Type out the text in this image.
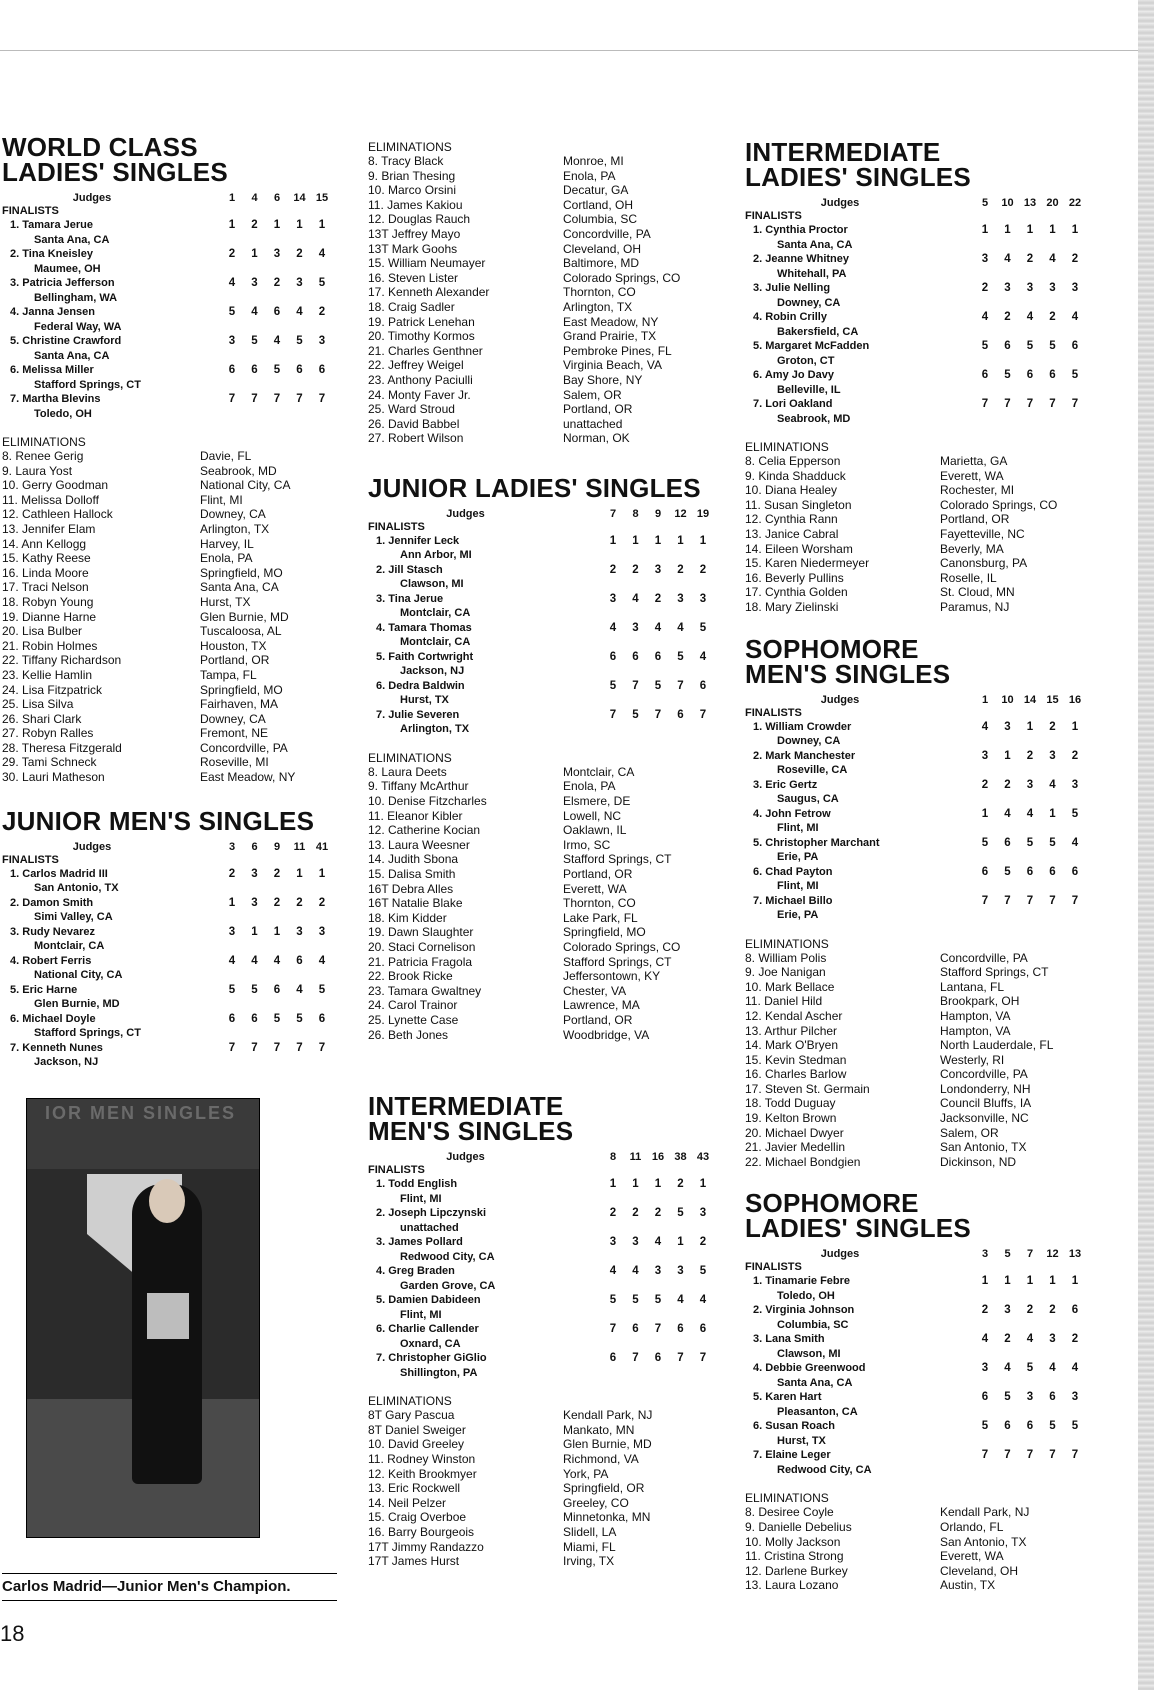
WORLD CLASS
LADIES' SINGLES
Judges	1	4	6	14 15
FINALISTS
1. Tamara Jerue
Santa Ana, CA
1	2	1	1	1
2. Tina Kneisley
Maumee, OH
2	1	3	2	4
3. Patricia Jefferson
Bellingham, WA
4	3	2	3	5
4. Janna Jensen
Federal Way, WA
5	4	6	4	2
5. Christine Crawford
Santa Ana, CA
3	5	4	5	3
6. Melissa Miller
Stafford Springs, CT
6	6	5	6	6
7. Martha Blevins
Toledo, OH
7	7	7	7	7
ELIMINATIONS
8. Renee Gerig	Davie, FL
9. Laura Yost	Seabrook, MD
10. Gerry Goodman	National City, CA
11. Melissa Dolloff	Flint, MI
12. Cathleen Hallock	Downey, CA
13. Jennifer Elam	Arlington, TX
14. Ann Kellogg	Harvey, IL
15. Kathy Reese	Enola, PA
16. Linda Moore	Springfield, MO
17. Traci Nelson	Santa Ana, CA
18. Robyn Young	Hurst, TX
19. Dianne Harne	Glen Burnie, MD
20. Lisa Bulber	Tuscaloosa, AL
21. Robin Holmes	Houston, TX
22. Tiffany Richardson	Portland, OR
23. Kellie Hamlin	Tampa, FL
24. Lisa Fitzpatrick	Springfield, MO
25. Lisa Silva	Fairhaven, MA
26. Shari Clark	Downey, CA
27. Robyn Ralles	Fremont, NE
28. Theresa Fitzgerald	Concordville, PA
29. Tami Schneck	Roseville, MI
30. Lauri Matheson	East Meadow, NY
JUNIOR MEN'S SINGLES
Judges	3	6	9	11 41
FINALISTS
1. Carlos Madrid III
San Antonio, TX
2	3	2	1	1
2. Damon Smith
Simi Valley, CA
1	3	2	2	2
3. Rudy Nevarez
Montclair, CA
3	1	1	3	3
4. Robert Ferris
National City, CA
4	4	4	6	4
5. Eric Harne
Glen Burnie, MD
5	5	6	4	5
6. Michael Doyle
Stafford Springs, CT
6	6	5	5	6
7. Kenneth Nunes
Jackson, NJ
7	7	7	7	7
ELIMINATIONS
8. Tracy Black	Monroe, MI
9. Brian Thesing	Enola, PA
10. Marco Orsini	Decatur, GA
11. James Kakiou	Cortland, OH
12. Douglas Rauch	Columbia, SC
13T Jeffrey Mayo	Concordville, PA
13T Mark Goohs	Cleveland, OH
15. William Neumayer	Baltimore, MD
16. Steven Lister	Colorado Springs, CO
17. Kenneth Alexander	Thornton, CO
18. Craig Sadler	Arlington, TX
19. Patrick Lenehan	East Meadow, NY
20. Timothy Kormos	Grand Prairie, TX
21. Charles Genthner	Pembroke Pines, FL
22. Jeffrey Weigel	Virginia Beach, VA
23. Anthony Paciulli	Bay Shore, NY
24. Monty Faver Jr.	Salem, OR
25. Ward Stroud	Portland, OR
26. David Babbel	unattached
27. Robert Wilson	Norman, OK
JUNIOR LADIES' SINGLES
Judges	7	8	9	12 19
FINALISTS
1. Jennifer Leck
Ann Arbor, MI
1	1	1	1	1
2. Jill Stasch
Clawson, MI
2	2	3	2	2
3. Tina Jerue
Montclair, CA
3	4	2	3	3
4. Tamara Thomas
Montclair, CA
4	3	4	4	5
5. Faith Cortwright
Jackson, NJ
6	6	6	5	4
6. Dedra Baldwin
Hurst, TX
5	7	5	7	6
7. Julie Severen
Arlington, TX
7	5	7	6	7
ELIMINATIONS
8. Laura Deets	Montclair, CA
9. Tiffany McArthur	Enola, PA
10. Denise Fitzcharles	Elsmere, DE
11. Eleanor Kibler	Lowell, NC
12. Catherine Kocian	Oaklawn, IL
13. Laura Weesner	Irmo, SC
14. Judith Sbona	Stafford Springs, CT
15. Dalisa Smith	Portland, OR
16T Debra Alles	Everett, WA
16T Natalie Blake	Thornton, CO
18. Kim Kidder	Lake Park, FL
19. Dawn Slaughter	Springfield, MO
20. Staci Cornelison	Colorado Springs, CO
21. Patricia Fragola	Stafford Springs, CT
22. Brook Ricke	Jeffersontown, KY
23. Tamara Gwaltney	Chester, VA
24. Carol Trainor	Lawrence, MA
25. Lynette Case	Portland, OR
26. Beth Jones	Woodbridge, VA
INTERMEDIATE
MEN'S SINGLES
Judges	8	11 16 38 43
FINALISTS
1. Todd English
Flint, MI
1	1	1	2	1
2. Joseph Lipczynski
unattached
2	2	2	5	3
3. James Pollard
Redwood City, CA
3	3	4	1	2
4. Greg Braden
Garden Grove, CA
4	4	3	3	5
5. Damien Dabideen
Flint, MI
5	5	5	4	4
6. Charlie Callender
Oxnard, CA
7	6	7	6	6
7. Christopher GiGlio
Shillington, PA
6	7	6	7	7
ELIMINATIONS
8T Gary Pascua	Kendall Park, NJ
8T Daniel Sweiger	Mankato, MN
10. David Greeley	Glen Burnie, MD
11. Rodney Winston	Richmond, VA
12. Keith Brookmyer	York, PA
13. Eric Rockwell	Springfield, OR
14. Neil Pelzer	Greeley, CO
15. Craig Overboe	Minnetonka, MN
16. Barry Bourgeois	Slidell, LA
17T Jimmy Randazzo	Miami, FL
17T James Hurst	Irving, TX
INTERMEDIATE
LADIES' SINGLES
Judges	5	10 13 20 22
FINALISTS
1. Cynthia Proctor
Santa Ana, CA
1	1	1	1	1
2. Jeanne Whitney
Whitehall, PA
3	4	2	4	2
3. Julie Nelling
Downey, CA
2	3	3	3	3
4. Robin Crilly
Bakersfield, CA
4	2	4	2	4
5. Margaret McFadden
Groton, CT
5	6	5	5	6
6. Amy Jo Davy
Belleville, IL
6	5	6	6	5
7. Lori Oakland
Seabrook, MD
7	7	7	7	7
ELIMINATIONS
8. Celia Epperson	Marietta, GA
9. Kinda Shadduck	Everett, WA
10. Diana Healey	Rochester, MI
11. Susan Singleton	Colorado Springs, CO
12. Cynthia Rann	Portland, OR
13. Janice Cabral	Fayetteville, NC
14. Eileen Worsham	Beverly, MA
15. Karen Niedermeyer	Canonsburg, PA
16. Beverly Pullins	Roselle, IL
17. Cynthia Golden	St. Cloud, MN
18. Mary Zielinski	Paramus, NJ
SOPHOMORE
MEN'S SINGLES
Judges	1	10 14 15 16
FINALISTS
1. William Crowder
Downey, CA
4	3	1	2	1
2. Mark Manchester
Roseville, CA
3	1	2	3	2
3. Eric Gertz
Saugus, CA
2	2	3	4	3
4. John Fetrow
Flint, MI
1	4	4	1	5
5. Christopher Marchant
Erie, PA
5	6	5	5	4
6. Chad Payton
Flint, MI
6	5	6	6	6
7. Michael Billo
Erie, PA
7	7	7	7	7
ELIMINATIONS
8. William Polis	Concordville, PA
9. Joe Nanigan	Stafford Springs, CT
10. Mark Bellace	Lantana, FL
11. Daniel Hild	Brookpark, OH
12. Kendal Ascher	Hampton, VA
13. Arthur Pilcher	Hampton, VA
14. Mark O'Bryen	North Lauderdale, FL
15. Kevin Stedman	Westerly, RI
16. Charles Barlow	Concordville, PA
17. Steven St. Germain	Londonderry, NH
18. Todd Duguay	Council Bluffs, IA
19. Kelton Brown	Jacksonville, NC
20. Michael Dwyer	Salem, OR
21. Javier Medellin	San Antonio, TX
22. Michael Bondgien	Dickinson, ND
SOPHOMORE
LADIES' SINGLES
Judges	3	5	7	12 13
FINALISTS
1. Tinamarie Febre
Toledo, OH
1	1	1	1	1
2. Virginia Johnson
Columbia, SC
2	3	2	2	6
3. Lana Smith
Clawson, MI
4	2	4	3	2
4. Debbie Greenwood
Santa Ana, CA
3	4	5	4	4
5. Karen Hart
Pleasanton, CA
6	5	3	6	3
6. Susan Roach
Hurst, TX
5	6	6	5	5
7. Elaine Leger
Redwood City, CA
7	7	7	7	7
ELIMINATIONS
8. Desiree Coyle	Kendall Park, NJ
9. Danielle Debelius	Orlando, FL
10. Molly Jackson	San Antonio, TX
11. Cristina Strong	Everett, WA
12. Darlene Burkey	Cleveland, OH
13. Laura Lozano	Austin, TX
IOR MEN SINGLES
Carlos Madrid—Junior Men's Champion.
18
